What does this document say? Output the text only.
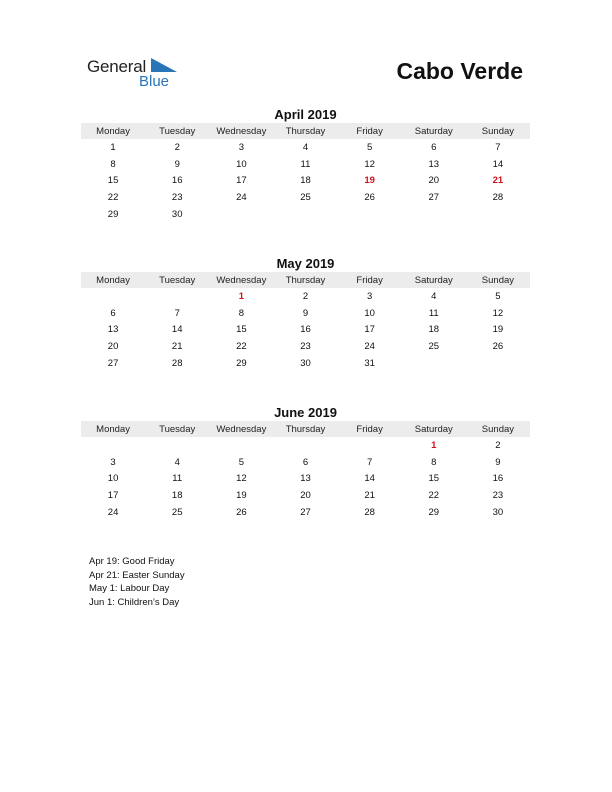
General
Blue	Cabo Verde
April 2019
Monday	Tuesday	Wednesday	Thursday	Friday	Saturday	Sunday
1	2	3	4	5	6	7
8	9	10	11	12	13	14
15	16	17	18	19	20	21
22	23	24	25	26	27	28
29	30					
May 2019
Monday	Tuesday	Wednesday	Thursday	Friday	Saturday	Sunday
		1	2	3	4	5
6	7	8	9	10	11	12
13	14	15	16	17	18	19
20	21	22	23	24	25	26
27	28	29	30	31		
June 2019
Monday	Tuesday	Wednesday	Thursday	Friday	Saturday	Sunday
					1	2
3	4	5	6	7	8	9
10	11	12	13	14	15	16
17	18	19	20	21	22	23
24	25	26	27	28	29	30
Apr 19: Good Friday
Apr 21: Easter Sunday
May 1: Labour Day
Jun 1: Children’s Day
